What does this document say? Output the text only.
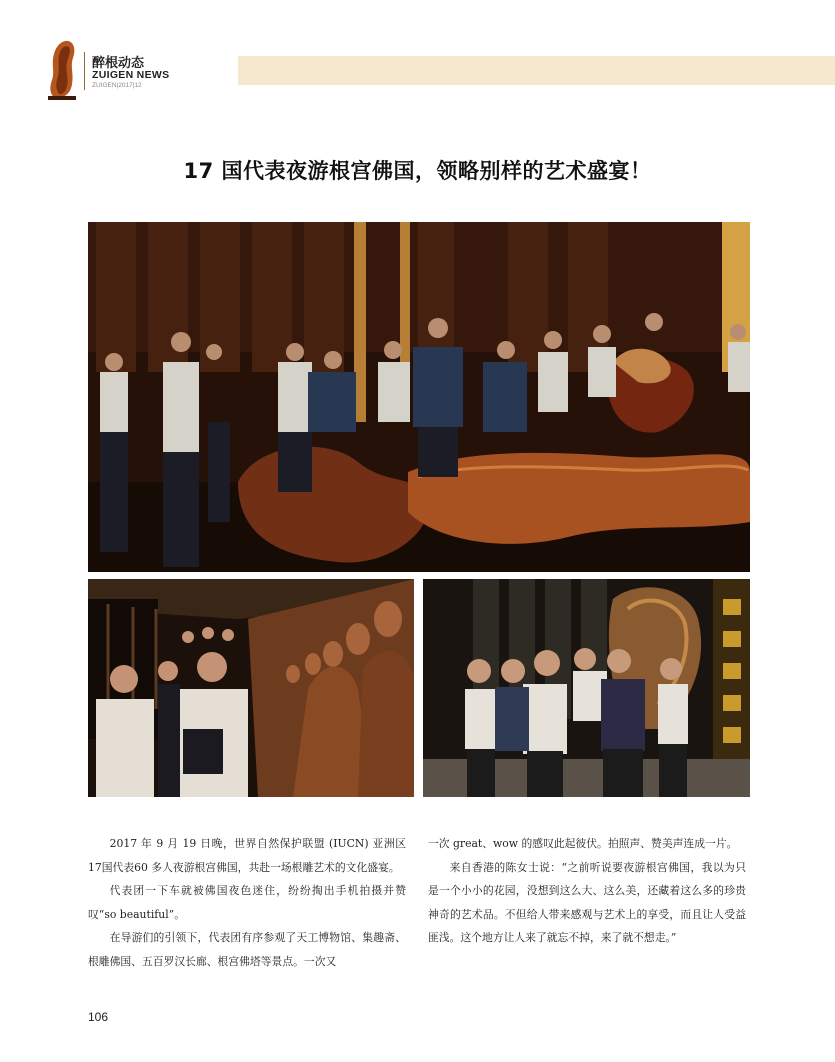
醉根动态
ZUIGEN NEWS
ZUIGEN|2017|12
17 国代表夜游根宫佛国，领略别样的艺术盛宴！

2017 年 9 月 19 日晚，世界自然保护联盟 (IUCN) 亚洲区17国代表60 多人夜游根宫佛国，共赴一场根雕艺术的文化盛宴。

代表团一下车就被佛国夜色迷住，纷纷掏出手机拍摄并赞叹“so beautiful”。

在导游们的引领下，代表团有序参观了天工博物馆、集趣斋、根雕佛国、五百罗汉长廊、根宫佛塔等景点。一次又

一次 great、wow 的感叹此起彼伏。拍照声、赞美声连成一片。

来自香港的陈女士说：“之前听说要夜游根宫佛国，我以为只是一个小小的花园，没想到这么大、这么美，还藏着这么多的珍贵神奇的艺术品。不但给人带来感观与艺术上的享受，而且让人受益匪浅。这个地方让人来了就忘不掉，来了就不想走。”

106
